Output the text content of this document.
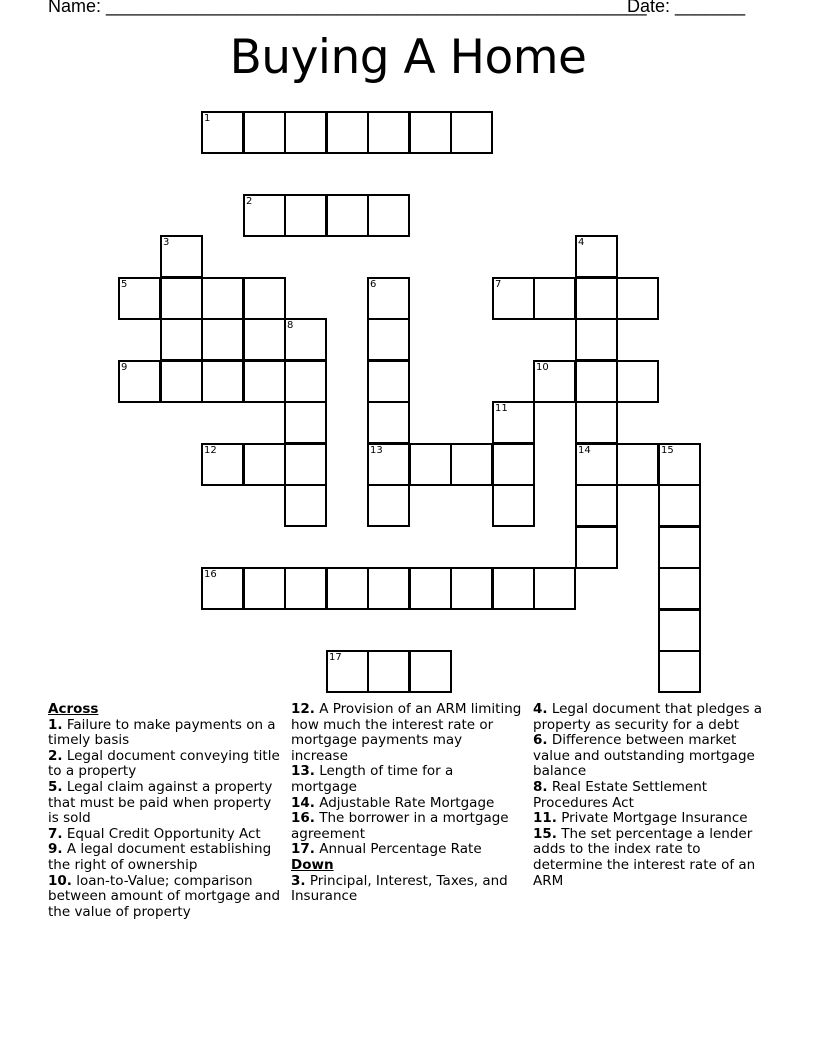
Name: ______________________________________________________
Date: _______
Buying A Home
1
2
3	4
5	6	7
8
9	10
11
12	13	14	15
16
17
Across
1. Failure to make payments on a timely basis
2. Legal document conveying title to a property
5. Legal claim against a property that must be paid when property is sold
7. Equal Credit Opportunity Act
9. A legal document establishing the right of ownership
10. loan-to-Value; comparison between amount of mortgage and the value of property
12. A Provision of an ARM limiting how much the interest rate or mortgage payments may increase
13. Length of time for a mortgage
14. Adjustable Rate Mortgage
16. The borrower in a mortgage agreement
17. Annual Percentage Rate
Down
3. Principal, Interest, Taxes, and Insurance
4. Legal document that pledges a property as security for a debt
6. Difference between market value and outstanding mortgage balance
8. Real Estate Settlement Procedures Act
11. Private Mortgage Insurance
15. The set percentage a lender adds to the index rate to determine the interest rate of an ARM
